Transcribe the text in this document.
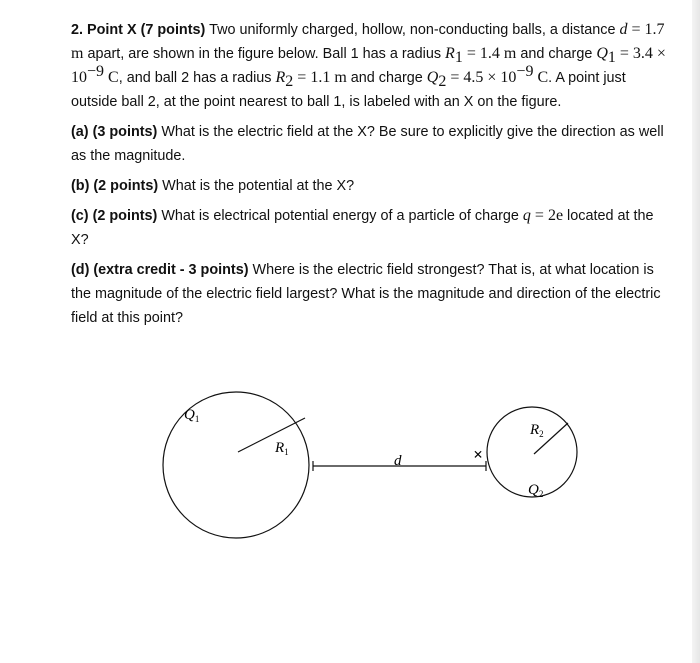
2. Point X (7 points) Two uniformly charged, hollow, non-conducting balls, a distance d = 1.7 m apart, are shown in the figure below. Ball 1 has a radius $R_1 = 1.4$ m and charge $Q_1 = 3.4 \times 10^{-9}$ C, and ball 2 has a radius $R_2 = 1.1$ m and charge $Q_2 = 4.5 \times 10^{-9}$ C. A point just outside ball 2, at the point nearest to ball 1, is labeled with an X on the figure.

(a) (3 points) What is the electric field at the X? Be sure to explicitly give the direction as well as the magnitude.

(b) (2 points) What is the potential at the X?

(c) (2 points) What is electrical potential energy of a particle of charge q = 2e located at the X?

(d) (extra credit - 3 points) Where is the electric field strongest? That is, at what location is the magnitude of the electric field largest? What is the magnitude and direction of the electric field at this point?

$Q_1$
$R_1$
d	×
$R_2$
$Q_2$
